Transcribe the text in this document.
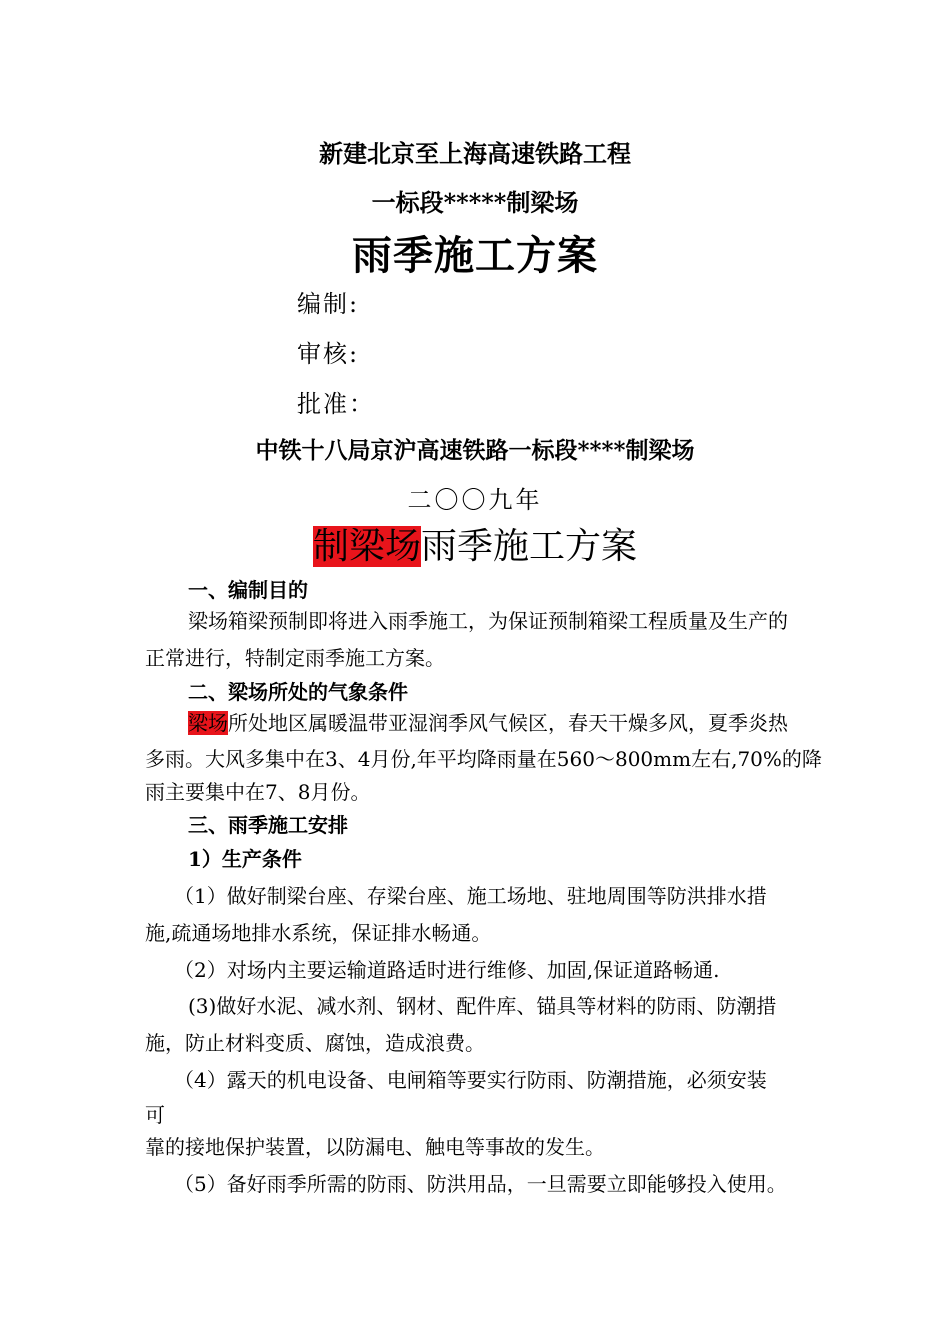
新建北京至上海高速铁路工程
一标段*****制梁场
雨季施工方案
编制:
审核:
批准：
中铁十八局京沪高速铁路一标段****制梁场
二〇〇九年
制梁场雨季施工方案
一、编制目的
梁场箱梁预制即将进入雨季施工，为保证预制箱梁工程质量及生产的
正常进行，特制定雨季施工方案。
二、梁场所处的气象条件
梁场所处地区属暖温带亚湿润季风气候区，春天干燥多风，夏季炎热
多雨。大风多集中在3、4月份,年平均降雨量在560～800mm左右,70%的降
雨主要集中在7、8月份。
三、雨季施工安排
1）生产条件
（1）做好制梁台座、存梁台座、施工场地、驻地周围等防洪排水措
施,疏通场地排水系统，保证排水畅通。
（2）对场内主要运输道路适时进行维修、加固,保证道路畅通.
(3)做好水泥、减水剂、钢材、配件库、锚具等材料的防雨、防潮措
施，防止材料变质、腐蚀，造成浪费。
（4）露天的机电设备、电闸箱等要实行防雨、防潮措施，必须安装
可
靠的接地保护装置，以防漏电、触电等事故的发生。
（5）备好雨季所需的防雨、防洪用品，一旦需要立即能够投入使用。
